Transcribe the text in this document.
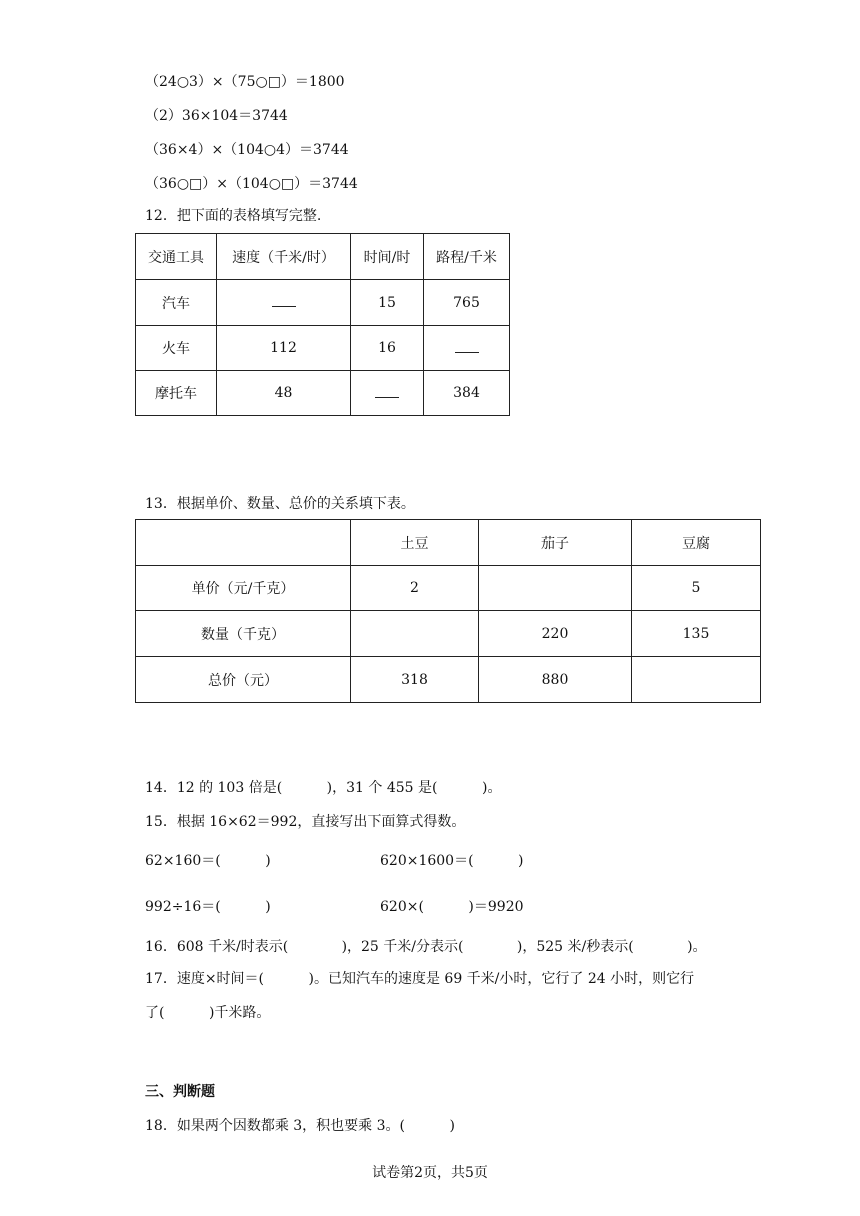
（24○3）×（75○□）＝1800
（2）36×104＝3744
（36×4）×（104○4）＝3744
（36○□）×（104○□）＝3744
12．把下面的表格填写完整.
交通工具	速度（千米/时）	时间/时	路程/千米
汽车		15	765
火车	112	16	
摩托车	48		384
13．根据单价、数量、总价的关系填下表。
	土豆	茄子	豆腐
单价（元/千克）	2		5
数量（千克）		220	135
总价（元）	318	880	
14．12 的 103 倍是(          )，31 个 455 是(          )。
15．根据 16×62＝992，直接写出下面算式得数。
62×160＝(          )	620×1600＝(          )
992÷16＝(          )	620×(          )＝9920
16．608 千米/时表示(            )，25 千米/分表示(            )，525 米/秒表示(            )。
17．速度×时间＝(          )。已知汽车的速度是 69 千米/小时，它行了 24 小时，则它行
了(          )千米路。
三、判断题
18．如果两个因数都乘 3，积也要乘 3。(          )
试卷第2页，共5页
